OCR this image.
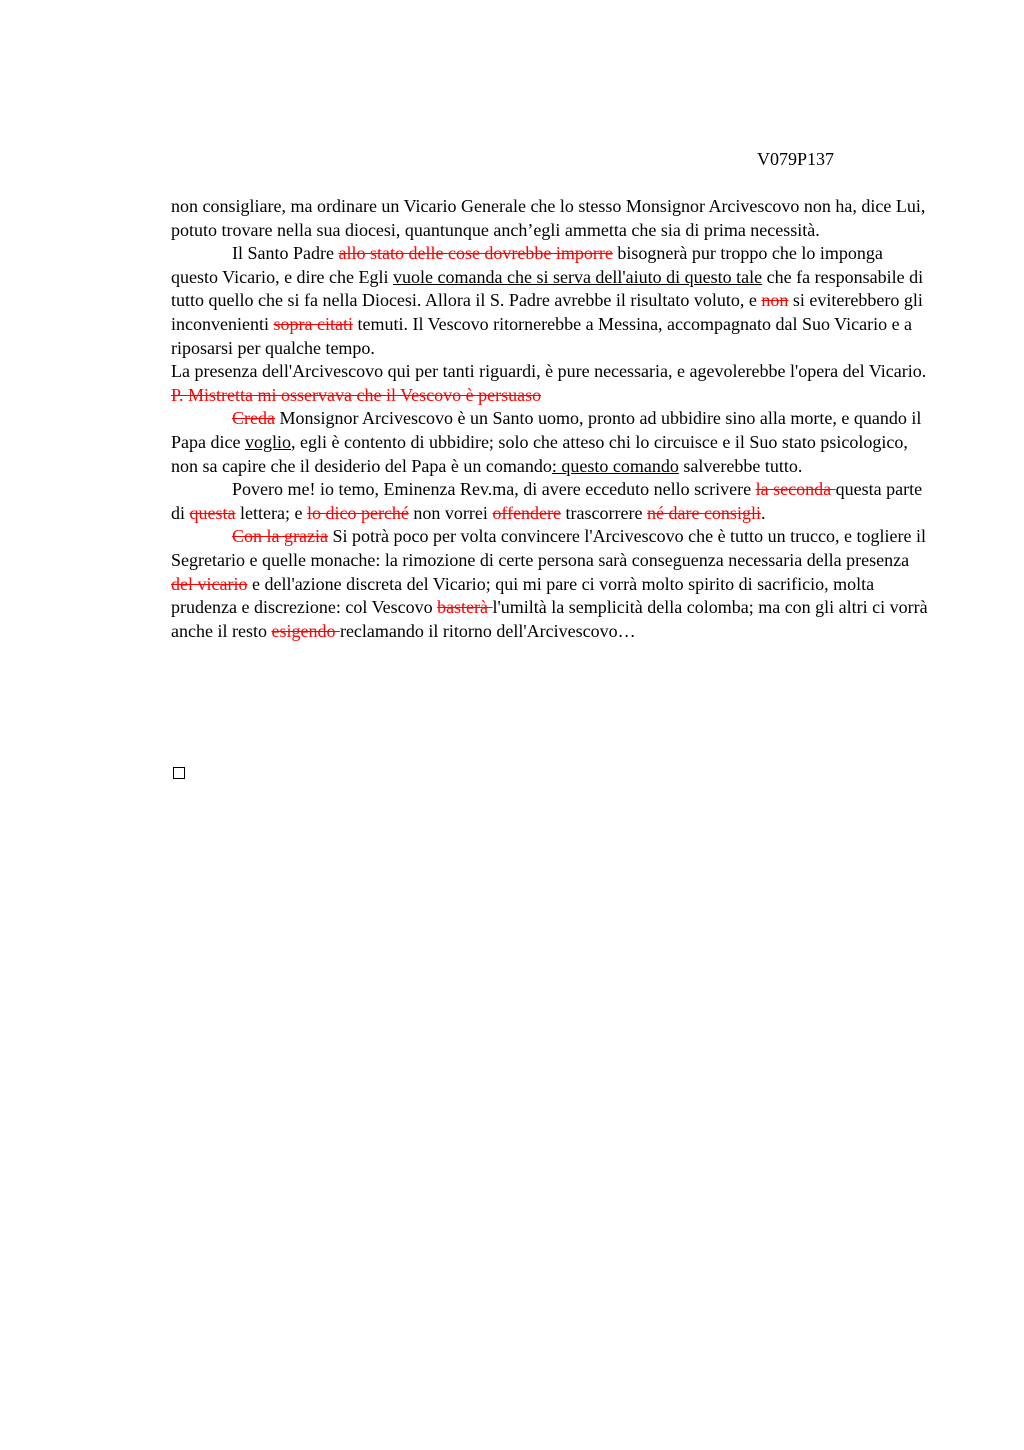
V079P137

non consigliare, ma ordinare un Vicario Generale che lo stesso Monsignor Arcivescovo non ha, dice Lui, potuto trovare nella sua diocesi, quantunque anch’egli ammetta che sia di prima necessità.

Il Santo Padre allo stato delle cose dovrebbe imporre bisognerà pur troppo che lo imponga questo Vicario, e dire che Egli vuole comanda che si serva dell'aiuto di questo tale che fa responsabile di tutto quello che si fa nella Diocesi. Allora il S. Padre avrebbe il risultato voluto, e non si eviterebbero gli inconvenienti sopra citati temuti. Il Vescovo ritornerebbe a Messina, accompagnato dal Suo Vicario e a riposarsi per qualche tempo.
La presenza dell'Arcivescovo qui per tanti riguardi, è pure necessaria, e agevolerebbe l'opera del Vicario. P. Mistretta mi osservava che il Vescovo è persuaso

Creda Monsignor Arcivescovo è un Santo uomo, pronto ad ubbidire sino alla morte, e quando il Papa dice voglio, egli è contento di ubbidire; solo che atteso chi lo circuisce e il Suo stato psicologico, non sa capire che il desiderio del Papa è un comando: questo comando salverebbe tutto.

Povero me! io temo, Eminenza Rev.ma, di avere ecceduto nello scrivere la seconda questa parte di questa lettera; e lo dico perché non vorrei offendere trascorrere né dare consigli.

Con la grazia Si potrà poco per volta convincere l'Arcivescovo che è tutto un trucco, e togliere il Segretario e quelle monache: la rimozione di certe persona sarà conseguenza necessaria della presenza del vicario e dell'azione discreta del Vicario; qui mi pare ci vorrà molto spirito di sacrificio, molta prudenza e discrezione: col Vescovo basterà l'umiltà la semplicità della colomba; ma con gli altri ci vorrà anche il resto esigendo reclamando il ritorno dell'Arcivescovo…
